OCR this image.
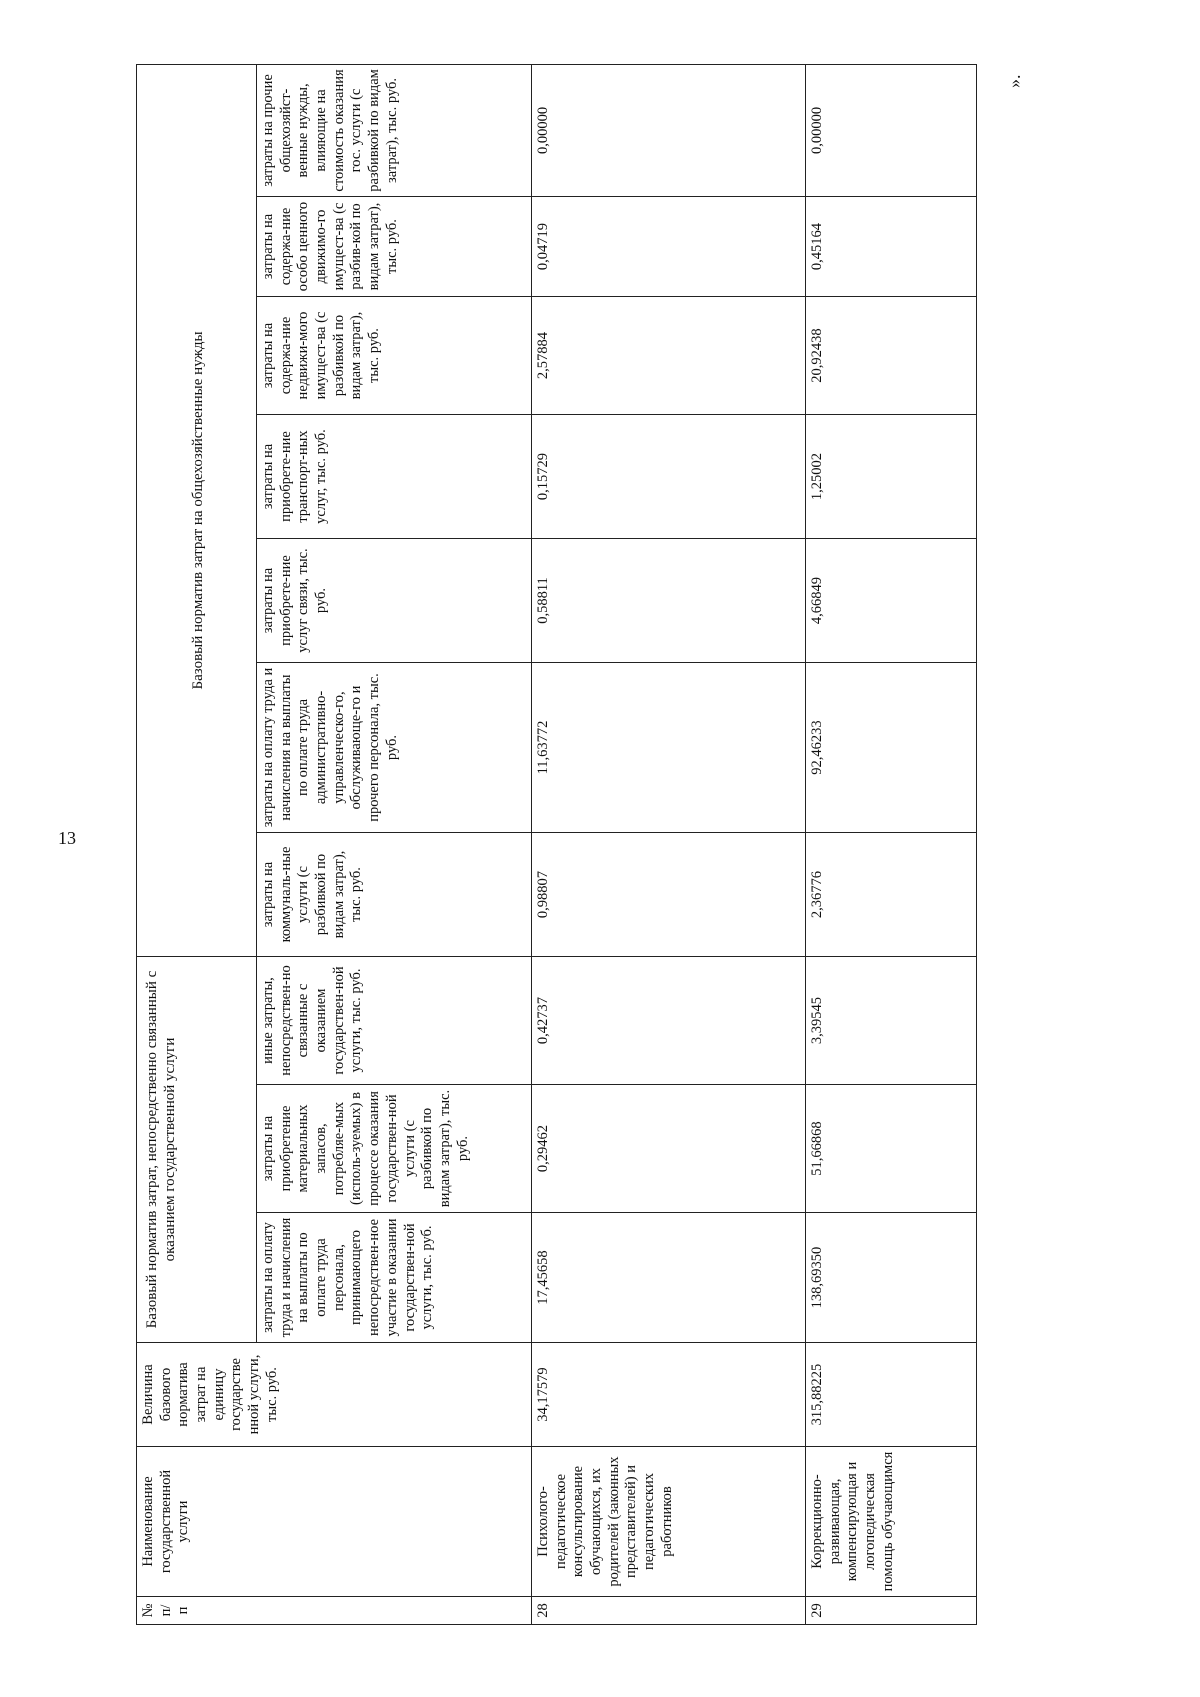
13
№ п/п	Наименование государственной услуги	Величина базового норматива затрат на единицу государстве нной услуги, тыс. руб.	Базовый норматив затрат, непосредственно связанный с оказанием государственной услуги			Базовый норматив затрат на общехозяйственные нужды						
			затраты на оплату труда и начисления на выплаты по оплате труда персонала, принимающего непосредствен-ное участие в оказании государствен-ной услуги, тыс. руб.	затраты на приобретение материальных запасов, потребляе-мых (исполь-зуемых) в процессе оказания государствен-ной услуги (с разбивкой по видам затрат), тыс. руб.	иные затраты, непосредствен-но связанные с оказанием государствен-ной услуги, тыс. руб.	затраты на коммуналь-ные услуги (с разбивкой по видам затрат), тыс. руб.	затраты на оплату труда и начисления на выплаты по оплате труда административно-управленческо-го, обслуживающе-го и прочего персонала, тыс. руб.	затраты на приобрете-ние услуг связи, тыс. руб.	затраты на приобрете-ние транспорт-ных услуг, тыс. руб.	затраты на содержа-ние недвижи-мого имущест-ва (с разбивкой по видам затрат), тыс. руб.	затраты на содержа-ние особо ценного движимо-го имущест-ва (с разбив-кой по видам затрат), тыс. руб.	затраты на прочие общехозяйст-венные нужды, влияющие на стоимость оказания гос. услуги (с разбивкой по видам затрат), тыс. руб.
28	Психолого-педагогическое консультирование обучающихся, их родителей (законных представителей) и педагогических работников	34,17579	17,45658	0,29462	0,42737	0,98807	11,63772	0,58811	0,15729	2,57884	0,04719	0,00000
29	Коррекционно-развивающая, компенсирующая и логопедическая помощь обучающимся	315,88225	138,69350	51,66868	3,39545	2,36776	92,46233	4,66849	1,25002	20,92438	0,45164	0,00000
».
